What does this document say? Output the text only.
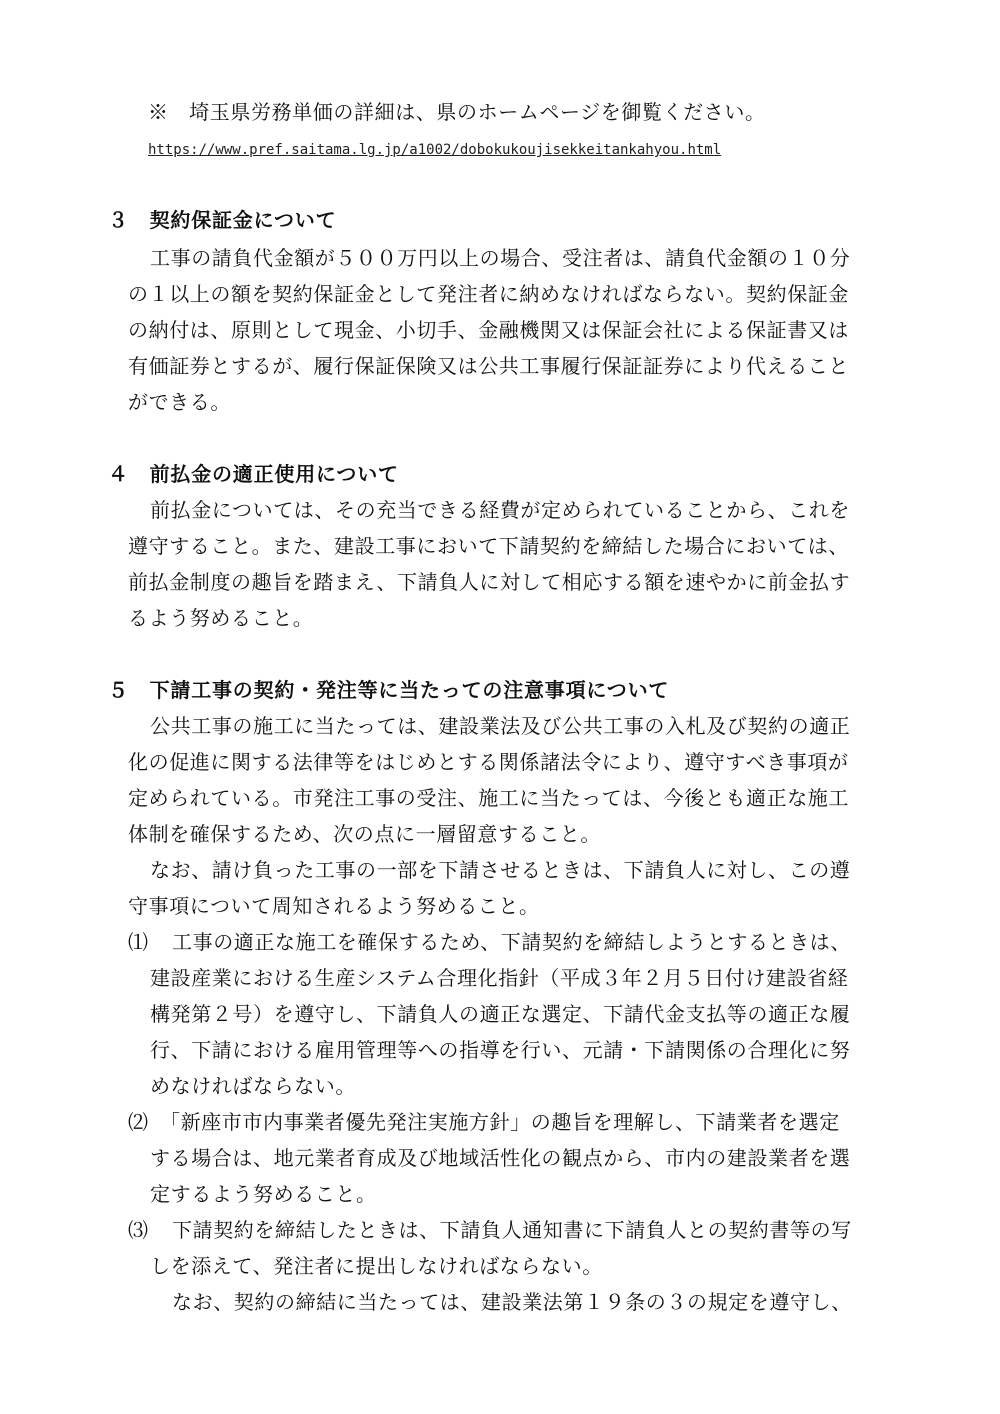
※　埼玉県労務単価の詳細は、県のホームページを御覧ください。
https://www.pref.saitama.lg.jp/a1002/dobokukoujisekkeitankahyou.html
３　契約保証金について
工事の請負代金額が５００万円以上の場合、受注者は、請負代金額の１０分
の１以上の額を契約保証金として発注者に納めなければならない。契約保証金
の納付は、原則として現金、小切手、金融機関又は保証会社による保証書又は
有価証券とするが、履行保証保険又は公共工事履行保証証券により代えること
ができる。
４　前払金の適正使用について
前払金については、その充当できる経費が定められていることから、これを
遵守すること。また、建設工事において下請契約を締結した場合においては、
前払金制度の趣旨を踏まえ、下請負人に対して相応する額を速やかに前金払す
るよう努めること。
５　下請工事の契約・発注等に当たっての注意事項について
公共工事の施工に当たっては、建設業法及び公共工事の入札及び契約の適正
化の促進に関する法律等をはじめとする関係諸法令により、遵守すべき事項が
定められている。市発注工事の受注、施工に当たっては、今後とも適正な施工
体制を確保するため、次の点に一層留意すること。
なお、請け負った工事の一部を下請させるときは、下請負人に対し、この遵
守事項について周知されるよう努めること。
⑴ 工事の適正な施工を確保するため、下請契約を締結しようとするときは、
建設産業における生産システム合理化指針（平成３年２月５日付け建設省経
構発第２号）を遵守し、下請負人の適正な選定、下請代金支払等の適正な履
行、下請における雇用管理等への指導を行い、元請・下請関係の合理化に努
めなければならない。
⑵ 「新座市市内事業者優先発注実施方針」の趣旨を理解し、下請業者を選定
する場合は、地元業者育成及び地域活性化の観点から、市内の建設業者を選
定するよう努めること。
⑶ 下請契約を締結したときは、下請負人通知書に下請負人との契約書等の写
しを添えて、発注者に提出しなければならない。
なお、契約の締結に当たっては、建設業法第１９条の３の規定を遵守し、
